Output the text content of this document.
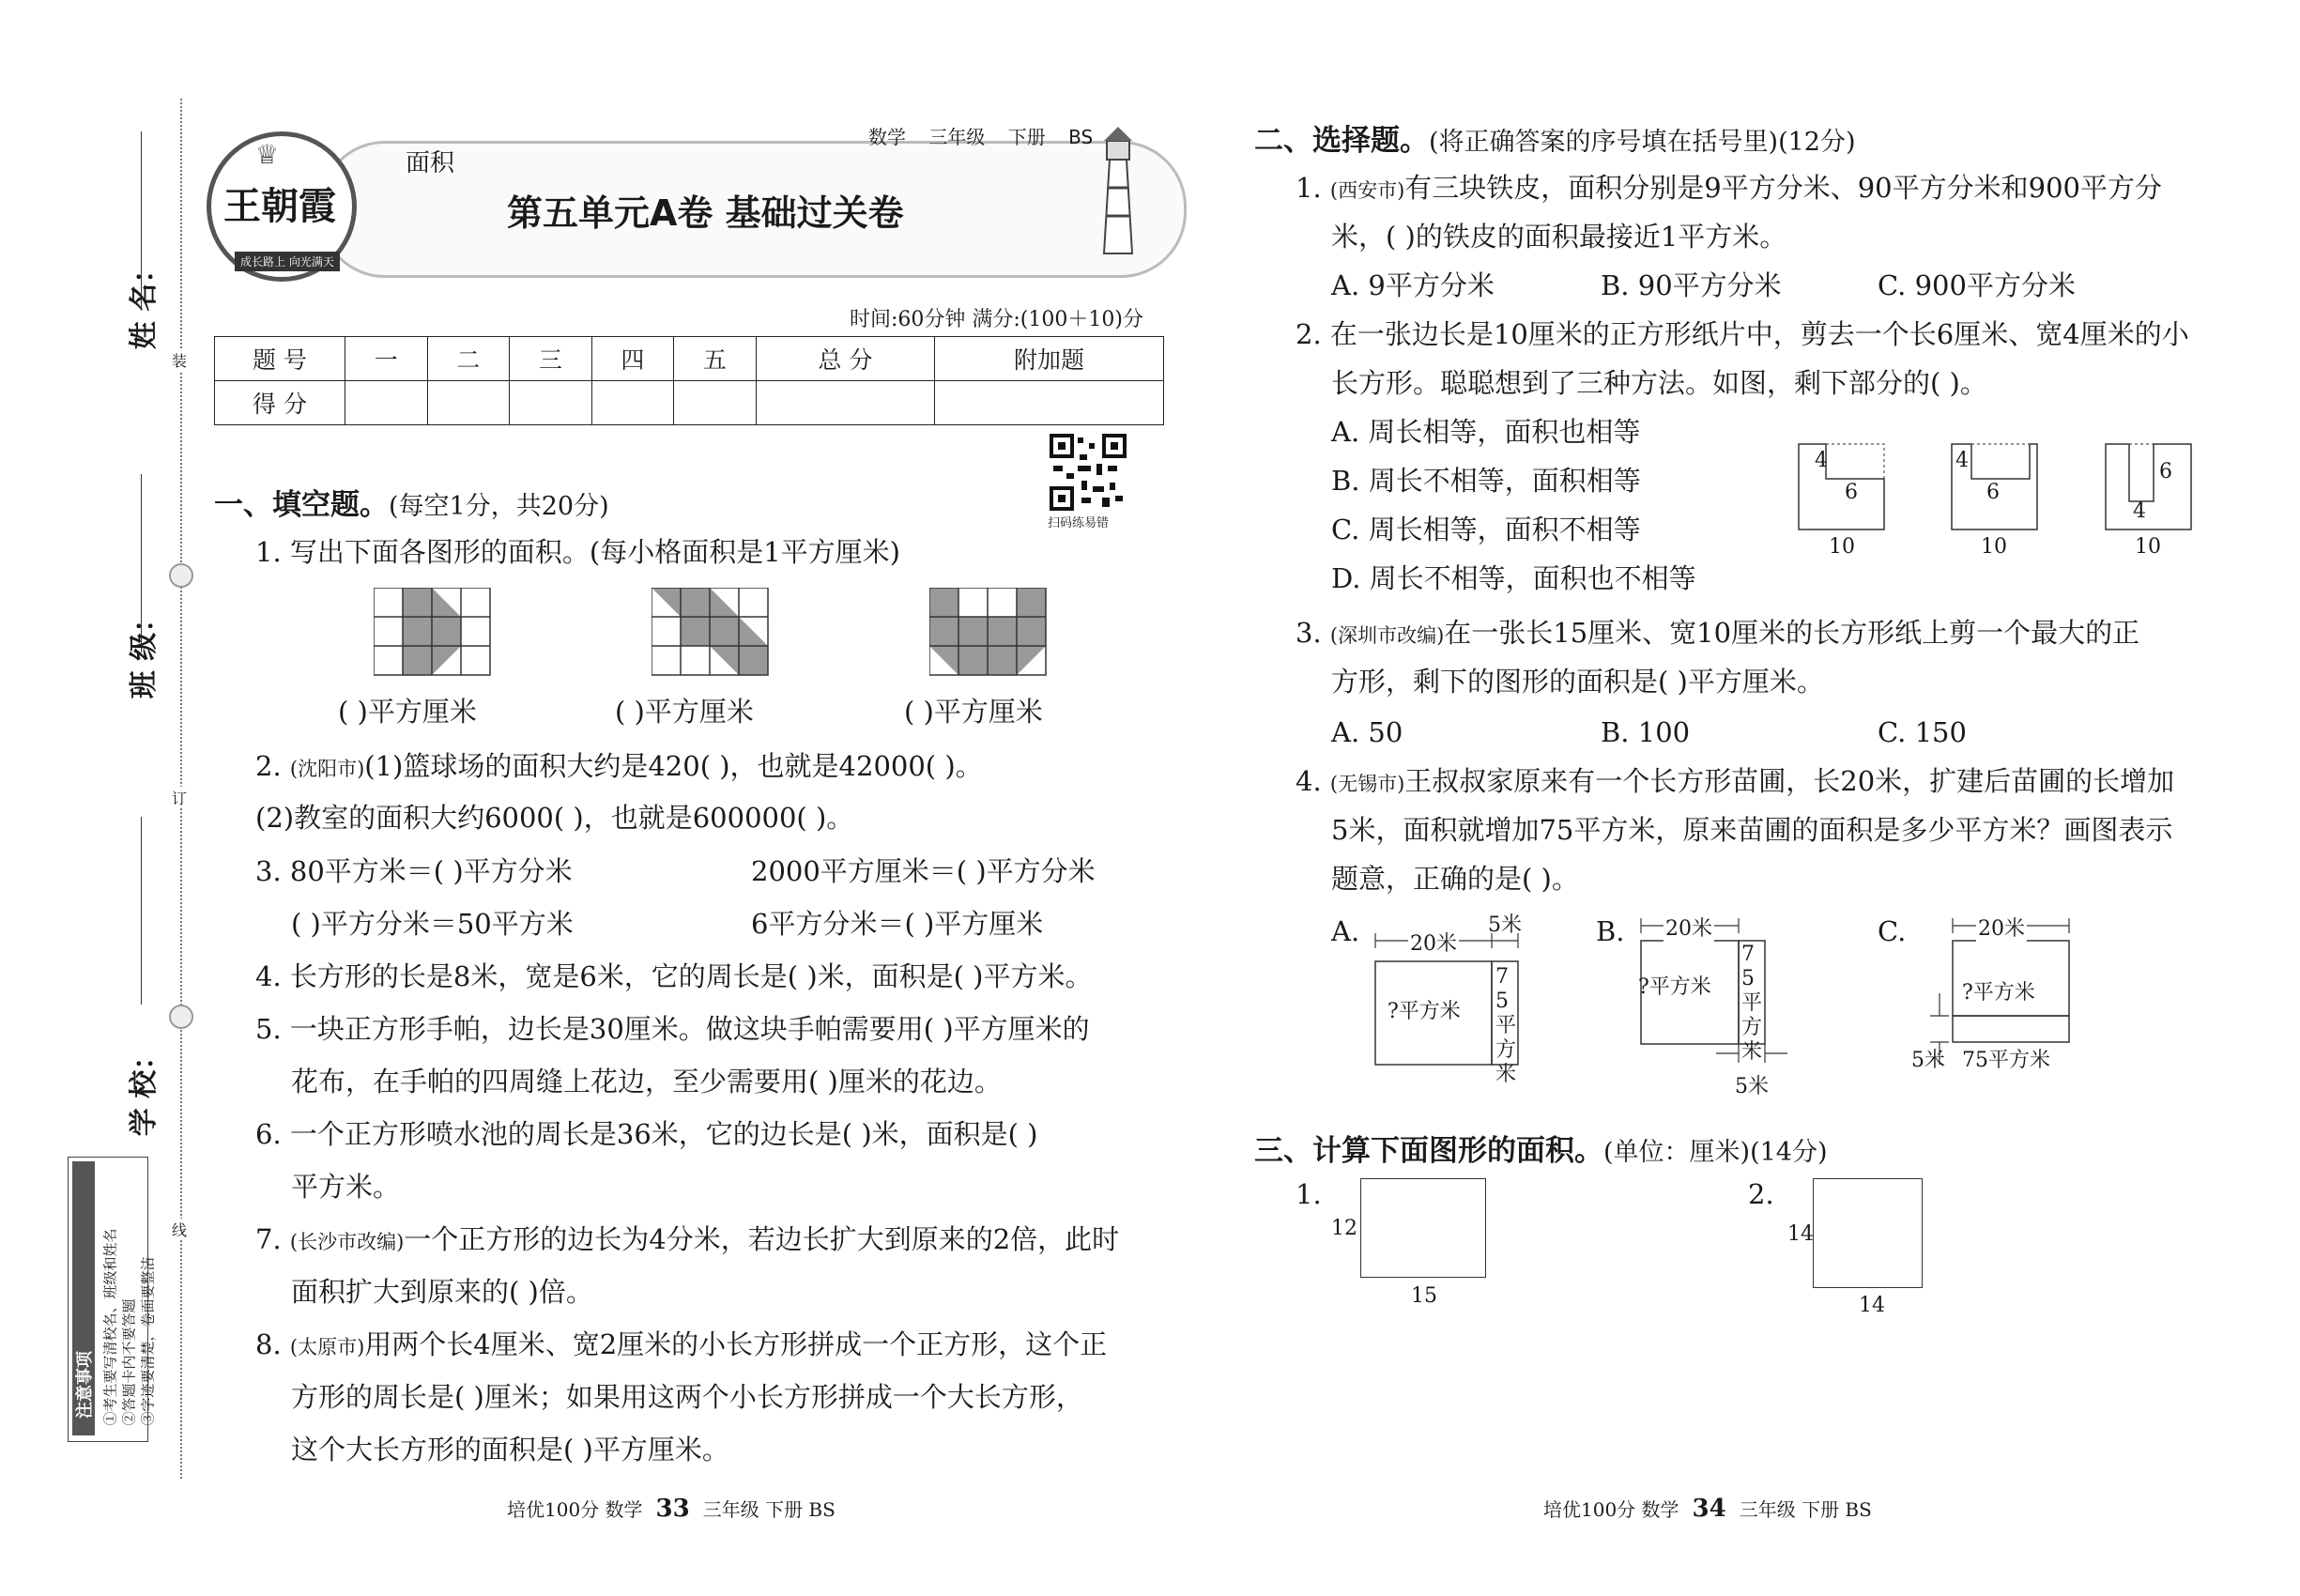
姓 名：
班 级：
学 校：
装
订
线
注意事项 ①考生要写清校名、班级和姓名 ②答题卡内不要答题 ③字迹要清楚，卷面要整洁
王朝霞
♕
成长路上 向光满天
数学 三年级 下册 BS
面积
第五单元A卷 基础过关卷
时间:60分钟 满分:(100＋10)分
题 号	一	二	三	四	五	总 分	附加题
得 分							
扫码练易错
一、填空题。(每空1分，共20分)
1. 写出下面各图形的面积。(每小格面积是1平方厘米)
( )平方厘米	( )平方厘米	( )平方厘米
2. (沈阳市)(1)篮球场的面积大约是420( )，也就是42000( )。
(2)教室的面积大约6000( )，也就是600000( )。
3. 80平方米＝( )平方分米	2000平方厘米＝( )平方分米
( )平方分米＝50平方米	6平方分米＝( )平方厘米
4. 长方形的长是8米，宽是6米，它的周长是( )米，面积是( )平方米。
5. 一块正方形手帕，边长是30厘米。做这块手帕需要用( )平方厘米的
花布，在手帕的四周缝上花边，至少需要用( )厘米的花边。
6. 一个正方形喷水池的周长是36米，它的边长是( )米，面积是( )
平方米。
7. (长沙市改编)一个正方形的边长为4分米，若边长扩大到原来的2倍，此时
面积扩大到原来的( )倍。
8. (太原市)用两个长4厘米、宽2厘米的小长方形拼成一个正方形，这个正
方形的周长是( )厘米；如果用这两个小长方形拼成一个大长方形，
这个大长方形的面积是( )平方厘米。
培优100分 数学 33 三年级 下册 BS
二、选择题。(将正确答案的序号填在括号里)(12分)
1. (西安市)有三块铁皮，面积分别是9平方分米、90平方分米和900平方分
米，( )的铁皮的面积最接近1平方米。
A. 9平方分米	B. 90平方分米	C. 900平方分米
2. 在一张边长是10厘米的正方形纸片中，剪去一个长6厘米、宽4厘米的小
长方形。聪聪想到了三种方法。如图，剩下部分的( )。
A. 周长相等，面积也相等
B. 周长不相等，面积相等
C. 周长相等，面积不相等
D. 周长不相等，面积也不相等
4
6
10
4
6
10
6
4
10
3. (深圳市改编)在一张长15厘米、宽10厘米的长方形纸上剪一个最大的正
方形，剩下的图形的面积是( )平方厘米。
A. 50	B. 100	C. 150
4. (无锡市)王叔叔家原来有一个长方形苗圃，长20米，扩建后苗圃的长增加
5米，面积就增加75平方米，原来苗圃的面积是多少平方米？画图表示
题意，正确的是( )。
A. 20米
5米
?平方米
75平方米
B. 20米
?平方米
75平方米
5米
C.	20米
?平方米
75平方米
5米
三、计算下面图形的面积。(单位：厘米)(14分)
1.
12
15
2.
14
14
培优100分 数学 34 三年级 下册 BS
